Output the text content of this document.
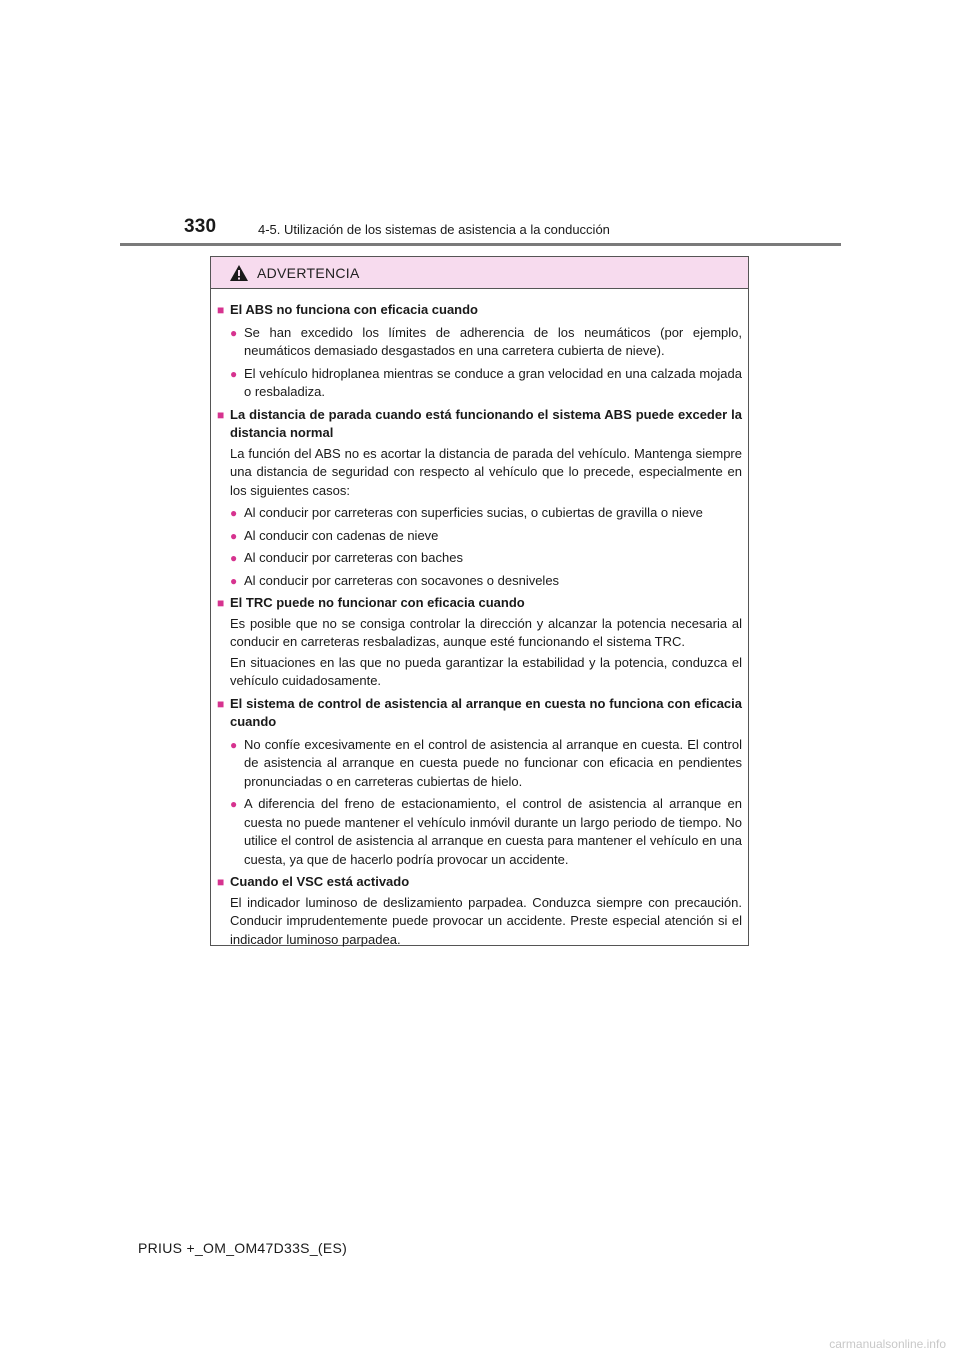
330	4-5. Utilización de los sistemas de asistencia a la conducción
ADVERTENCIA
■ El ABS no funciona con eficacia cuando
● Se han excedido los límites de adherencia de los neumáticos (por ejemplo, neumáticos demasiado desgastados en una carretera cubierta de nieve).
● El vehículo hidroplanea mientras se conduce a gran velocidad en una calzada mojada o resbaladiza.
■ La distancia de parada cuando está funcionando el sistema ABS puede exceder la distancia normal
La función del ABS no es acortar la distancia de parada del vehículo. Mantenga siempre una distancia de seguridad con respecto al vehículo que lo precede, especialmente en los siguientes casos:
● Al conducir por carreteras con superficies sucias, o cubiertas de gravilla o nieve
● Al conducir con cadenas de nieve
● Al conducir por carreteras con baches
● Al conducir por carreteras con socavones o desniveles
■ El TRC puede no funcionar con eficacia cuando
Es posible que no se consiga controlar la dirección y alcanzar la potencia necesaria al conducir en carreteras resbaladizas, aunque esté funcionando el sistema TRC.
En situaciones en las que no pueda garantizar la estabilidad y la potencia, conduzca el vehículo cuidadosamente.
■ El sistema de control de asistencia al arranque en cuesta no funciona con eficacia cuando
● No confíe excesivamente en el control de asistencia al arranque en cuesta. El control de asistencia al arranque en cuesta puede no funcionar con eficacia en pendientes pronunciadas o en carreteras cubiertas de hielo.
● A diferencia del freno de estacionamiento, el control de asistencia al arranque en cuesta no puede mantener el vehículo inmóvil durante un largo periodo de tiempo. No utilice el control de asistencia al arranque en cuesta para mantener el vehículo en una cuesta, ya que de hacerlo podría provocar un accidente.
■ Cuando el VSC está activado
El indicador luminoso de deslizamiento parpadea. Conduzca siempre con precaución. Conducir imprudentemente puede provocar un accidente. Preste especial atención si el indicador luminoso parpadea.
PRIUS +_OM_OM47D33S_(ES)
carmanualsonline.info
